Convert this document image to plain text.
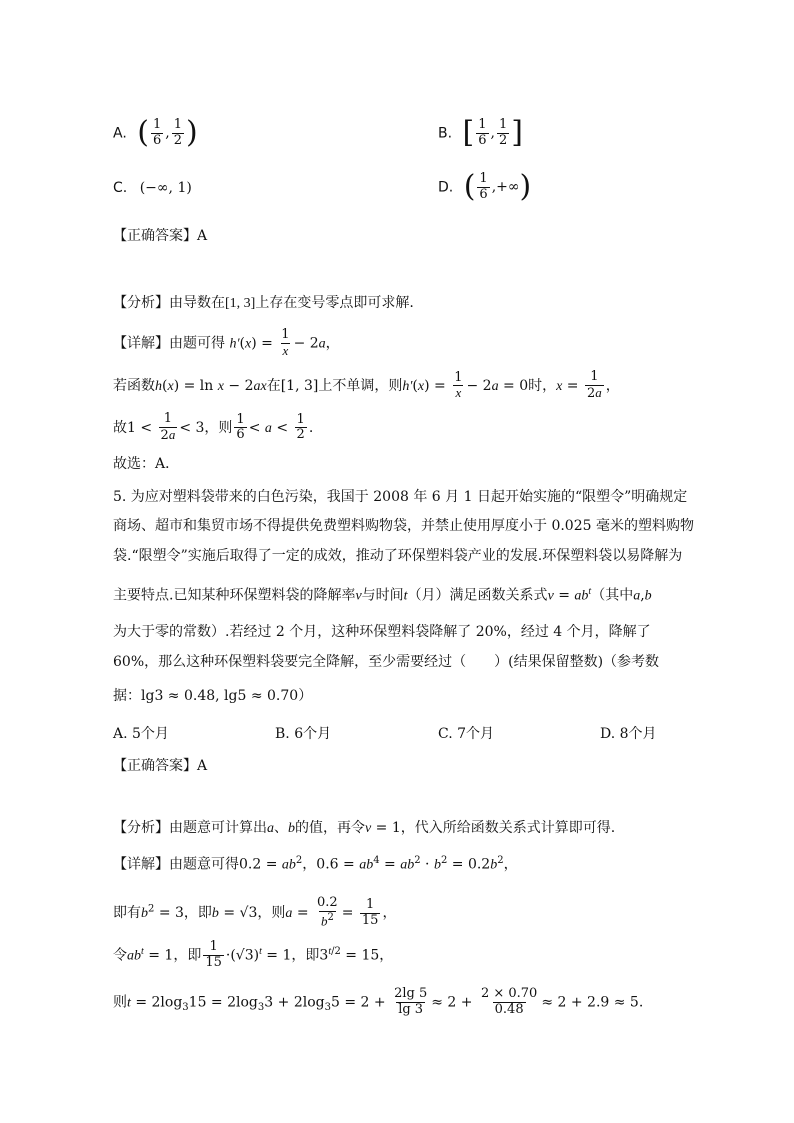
A. ( $\frac{1}{6}$ , $\frac{1}{2}$ )	B. [ $\frac{1}{6}$ , $\frac{1}{2}$ ]
C. (−∞, 1)	D. ( $\frac{1}{6}$ ,+∞)
【正确答案】A
【分析】由导数在[1, 3]上存在变号零点即可求解.
【详解】由题可得 $h'(x) = \frac{1}{x} - 2a$，
若函数h(x) = ln x − 2ax在[1, 3]上不单调，则$h'(x) = \frac{1}{x} - 2a = 0$时，$x = \frac{1}{2a}$ ，
故$1 < \frac{1}{2a} < 3$，则 $\frac{1}{6} < a < \frac{1}{2}$ .
故选：A．
5. 为应对塑料袋带来的白色污染，我国于 2008 年 6 月 1 日起开始实施的“限塑令”明确规定
商场、超市和集贸市场不得提供免费塑料购物袋，并禁止使用厚度小于 0.025 毫米的塑料购物
袋.“限塑令”实施后取得了一定的成效，推动了环保塑料袋产业的发展.环保塑料袋以易降解为
主要特点.已知某种环保塑料袋的降解率v与时间t（月）满足函数关系式$v = ab^t$（其中a,b
为大于零的常数）.若经过 2 个月，这种环保塑料袋降解了 20%，经过 4 个月，降解了
60%，那么这种环保塑料袋要完全降解，至少需要经过（　　）(结果保留整数)（参考数
据：lg3 ≈ 0.48, lg5 ≈ 0.70）
A. 5个月	B. 6个月	C. 7个月	D. 8个月
【正确答案】A
【分析】由题意可计算出a、b的值，再令v = 1，代入所给函数关系式计算即可得.
【详解】由题意可得$0.2 = ab^2$，$0.6 = ab^4 = ab^2 \cdot b^2 = 0.2b^2$，
即有$b^2 = 3$，即b = √3，则$a = \frac{0.2}{b^2} = \frac{1}{15}$ ，
令$ab^t = 1$，即 $\frac{1}{15} \cdot(√3)^t = 1$，即$3^{t/2} = 15$，
则$t = 2\log_315 = 2\log_33 + 2\log_35 = 2 + \frac{2\lg 5}{\lg 3} \approx 2 + \frac{2 \times 0.70}{0.48} \approx 2 + 2.9 \approx 5$.
